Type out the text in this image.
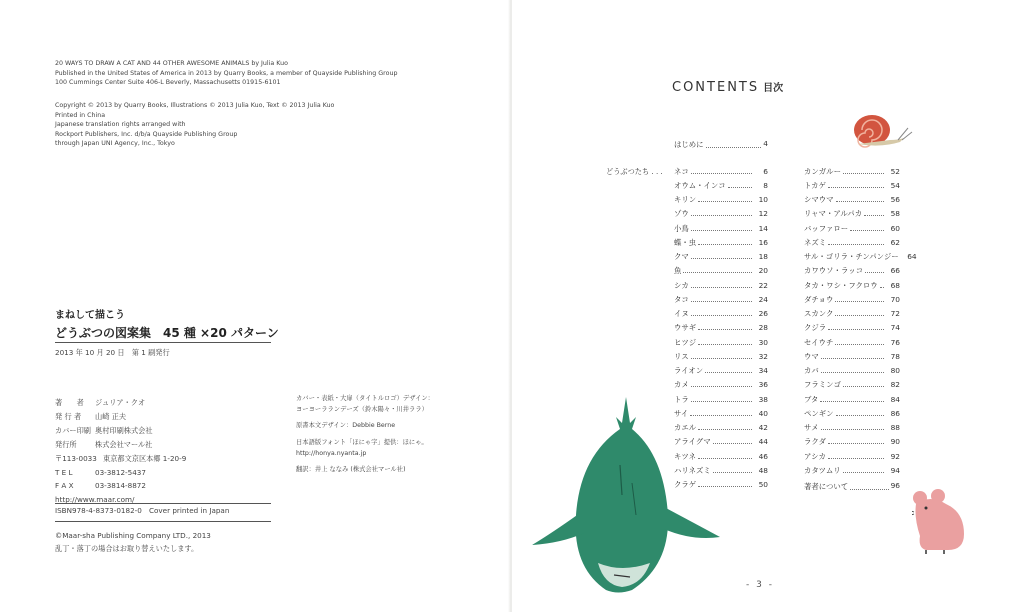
20 WAYS TO DRAW A CAT AND 44 OTHER AWESOME ANIMALS by Julia Kuo
Published in the United States of America in 2013 by Quarry Books, a member of Quayside Publishing Group
100 Cummings Center Suite 406-L Beverly, Massachusetts 01915-6101
Copyright © 2013 by Quarry Books, Illustrations © 2013 Julia Kuo, Text © 2013 Julia Kuo
Printed in China
Japanese translation rights arranged with
Rockport Publishers, Inc. d/b/a Quayside Publishing Group
through Japan UNI Agency, Inc., Tokyo
まねして描こう
どうぶつの図案集　45 種 ×20 パターン
2013 年 10 月 20 日　第 1 刷発行
著　　者 ジュリア・クオ
発 行 者 山崎 正夫
カバー印刷 奥村印刷株式会社
発行所	株式会社マール社
〒113-0033 東京都文京区本郷 1-20-9
T E L	03-3812-5437
F A X	03-3814-8872
http://www.maar.com/
ISBN978-4-8373-0182-0　Cover printed in Japan
©Maar-sha Publishing Company LTD., 2013
乱丁・落丁の場合はお取り替えいたします。

カバー・表紙・大扉（タイトルロゴ）デザイン：
ヨーヨーラランデーズ（鈴木陽々・川井ララ）

原書本文デザイン：Debbie Berne

日本語版フォント「ほにゃ字」提供：ほにゃ。
http://honya.nyanta.jp

翻訳：井上 ななみ (株式会社マール社)

CONTENTS 目次
はじめに	4
どうぶつたち . . . ネコ	6
オウム・インコ	8
キリン	10
ゾウ	12
小鳥	14
蝶・虫	16
クマ	18
魚	20
シカ	22
タコ	24
イヌ	26
ウサギ	28
ヒツジ	30
リス	32
ライオン	34
カメ	36
トラ	38
サイ	40
カエル	42
アライグマ	44
キツネ	46
ハリネズミ	48
クラゲ	50
カンガルー	52
トカゲ	54
シマウマ	56
リャマ・アルパカ	58
バッファロー	60
ネズミ	62
サル・ゴリラ・チンパンジー	64
カワウソ・ラッコ	66
タカ・ワシ・フクロウ	68
ダチョウ	70
スカンク	72
クジラ	74
セイウチ	76
ウマ	78
カバ	80
フラミンゴ	82
ブタ	84
ペンギン	86
サメ	88
ラクダ	90
アシカ	92
カタツムリ	94
著者について	96
- 3 -
